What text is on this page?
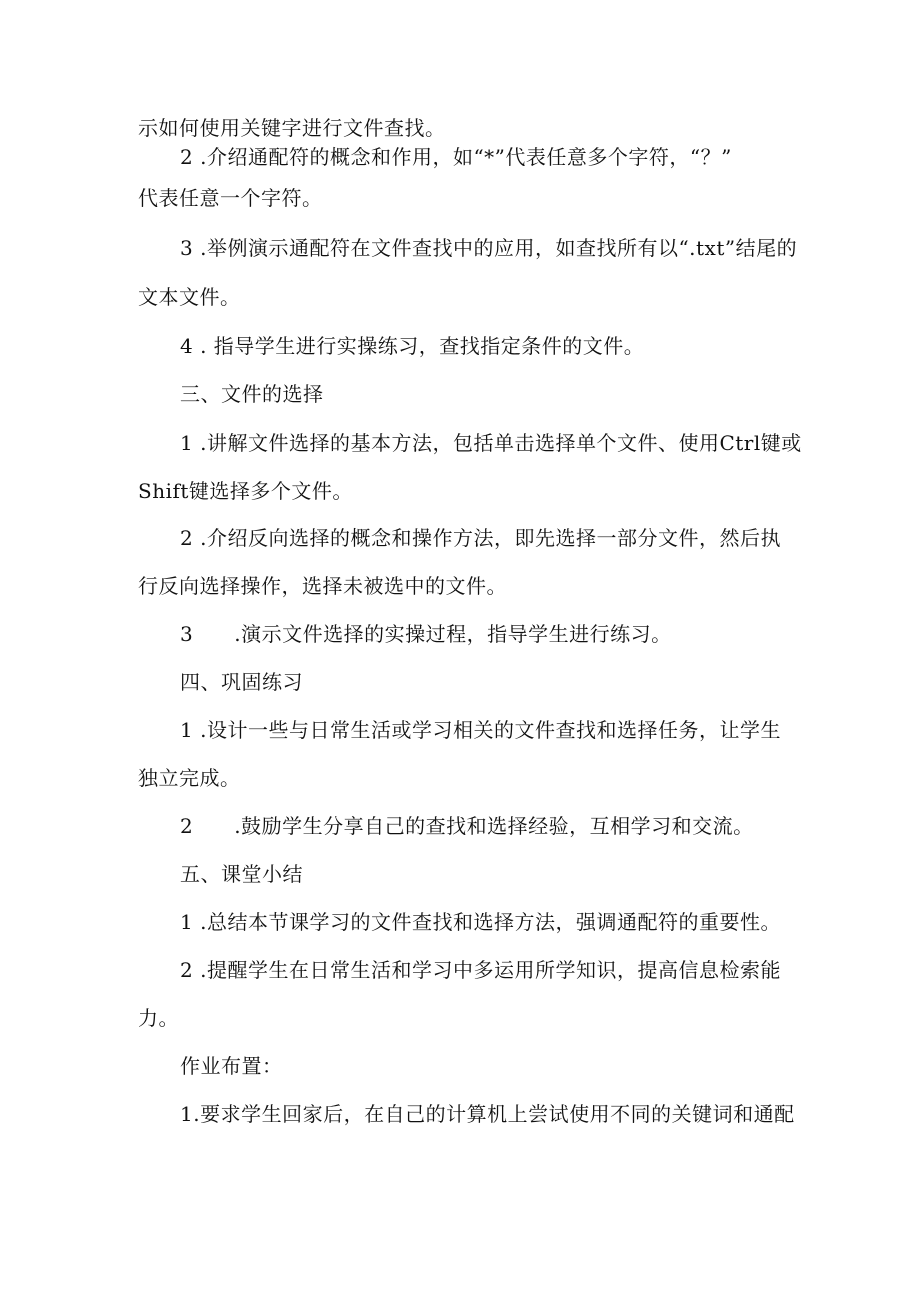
示如何使用关键字进行文件查找。
2 .介绍通配符的概念和作用，如“*”代表任意多个字符，“？”
代表任意一个字符。
3 .举例演示通配符在文件查找中的应用，如查找所有以“.txt”结尾的
文本文件。
4 . 指导学生进行实操练习，查找指定条件的文件。
三、文件的选择
1 .讲解文件选择的基本方法，包括单击选择单个文件、使用Ctrl键或
Shift键选择多个文件。
2 .介绍反向选择的概念和操作方法，即先选择一部分文件，然后执
行反向选择操作，选择未被选中的文件。
3　　.演示文件选择的实操过程，指导学生进行练习。
四、巩固练习
1 .设计一些与日常生活或学习相关的文件查找和选择任务，让学生
独立完成。
2　　.鼓励学生分享自己的查找和选择经验，互相学习和交流。
五、课堂小结
1 .总结本节课学习的文件查找和选择方法，强调通配符的重要性。
2 .提醒学生在日常生活和学习中多运用所学知识，提高信息检索能
力。
作业布置：
1.要求学生回家后，在自己的计算机上尝试使用不同的关键词和通配
